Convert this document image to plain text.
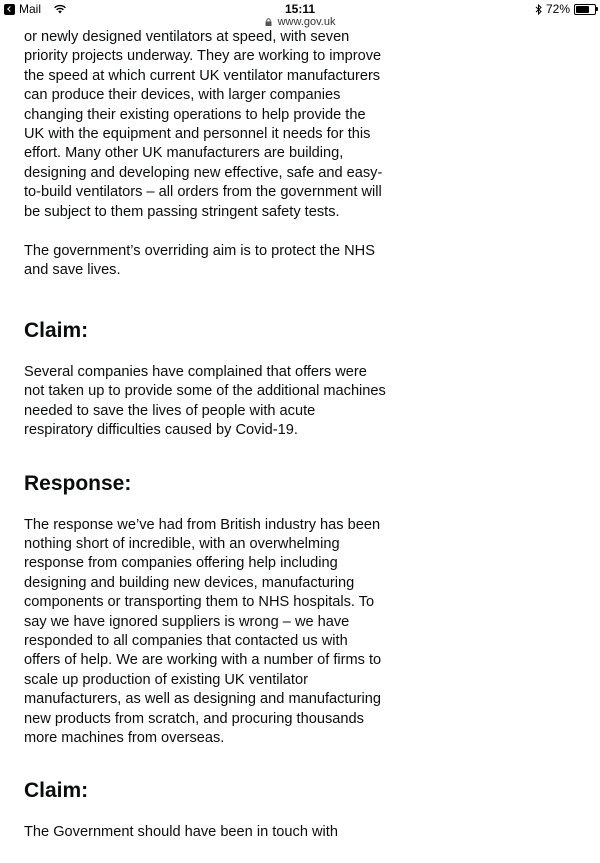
Mail	15:11	72%
www.gov.uk

or newly designed ventilators at speed, with seven priority projects underway. They are working to improve the speed at which current UK ventilator manufacturers can produce their devices, with larger companies changing their existing operations to help provide the UK with the equipment and personnel it needs for this effort. Many other UK manufacturers are building, designing and developing new effective, safe and easy-to-build ventilators – all orders from the government will be subject to them passing stringent safety tests.

The government’s overriding aim is to protect the NHS and save lives.

Claim:

Several companies have complained that offers were not taken up to provide some of the additional machines needed to save the lives of people with acute respiratory difficulties caused by Covid-19.

Response:

The response we’ve had from British industry has been nothing short of incredible, with an overwhelming response from companies offering help including designing and building new devices, manufacturing components or transporting them to NHS hospitals. To say we have ignored suppliers is wrong – we have responded to all companies that contacted us with offers of help. We are working with a number of firms to scale up production of existing UK ventilator manufacturers, as well as designing and manufacturing new products from scratch, and procuring thousands more machines from overseas.

Claim:

The Government should have been in touch with
